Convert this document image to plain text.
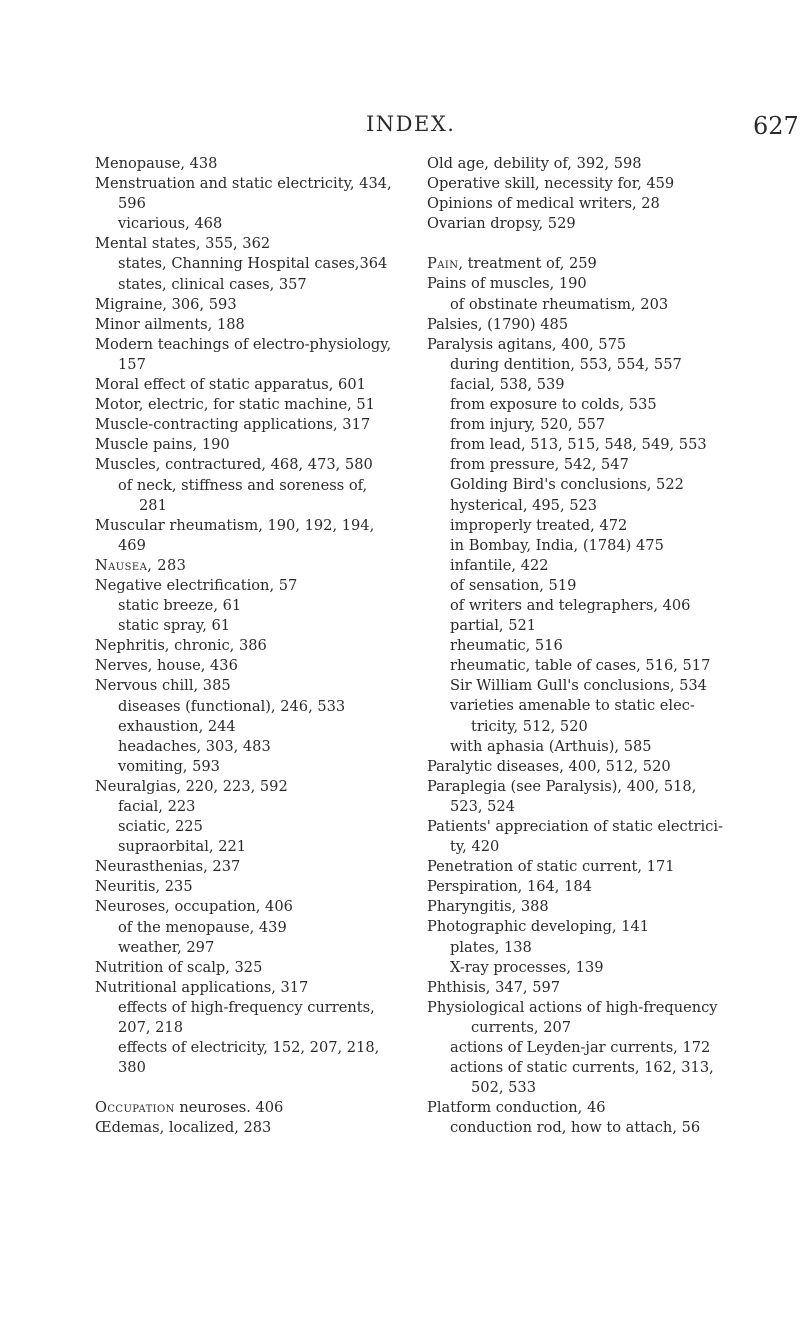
INDEX.	627
Menopause, 438
Menstruation and static electricity, 434,
596
vicarious, 468
Mental states, 355, 362
states, Channing Hospital cases,364
states, clinical cases, 357
Migraine, 306, 593
Minor ailments, 188
Modern teachings of electro-physiology,
157
Moral effect of static apparatus, 601
Motor, electric, for static machine, 51
Muscle-contracting applications, 317
Muscle pains, 190
Muscles, contractured, 468, 473, 580
of neck, stiffness and soreness of,
281
Muscular rheumatism, 190, 192, 194,
469
Nausea, 283
Negative electrification, 57
static breeze, 61
static spray, 61
Nephritis, chronic, 386
Nerves, house, 436
Nervous chill, 385
diseases (functional), 246, 533
exhaustion, 244
headaches, 303, 483
vomiting, 593
Neuralgias, 220, 223, 592
facial, 223
sciatic, 225
supraorbital, 221
Neurasthenias, 237
Neuritis, 235
Neuroses, occupation, 406
of the menopause, 439
weather, 297
Nutrition of scalp, 325
Nutritional applications, 317
effects of high-frequency currents,
207, 218
effects of electricity, 152, 207, 218,
380
Occupation neuroses. 406
Œdemas, localized, 283
Old age, debility of, 392, 598
Operative skill, necessity for, 459
Opinions of medical writers, 28
Ovarian dropsy, 529
Pain, treatment of, 259
Pains of muscles, 190
of obstinate rheumatism, 203
Palsies, (1790) 485
Paralysis agitans, 400, 575
during dentition, 553, 554, 557
facial, 538, 539
from exposure to colds, 535
from injury, 520, 557
from lead, 513, 515, 548, 549, 553
from pressure, 542, 547
Golding Bird's conclusions, 522
hysterical, 495, 523
improperly treated, 472
in Bombay, India, (1784) 475
infantile, 422
of sensation, 519
of writers and telegraphers, 406
partial, 521
rheumatic, 516
rheumatic, table of cases, 516, 517
Sir William Gull's conclusions, 534
varieties amenable to static elec-
tricity, 512, 520
with aphasia (Arthuis), 585
Paralytic diseases, 400, 512, 520
Paraplegia (see Paralysis), 400, 518,
523, 524
Patients' appreciation of static electrici-
ty, 420
Penetration of static current, 171
Perspiration, 164, 184
Pharyngitis, 388
Photographic developing, 141
plates, 138
X-ray processes, 139
Phthisis, 347, 597
Physiological actions of high-frequency
currents, 207
actions of Leyden-jar currents, 172
actions of static currents, 162, 313,
502, 533
Platform conduction, 46
conduction rod, how to attach, 56
